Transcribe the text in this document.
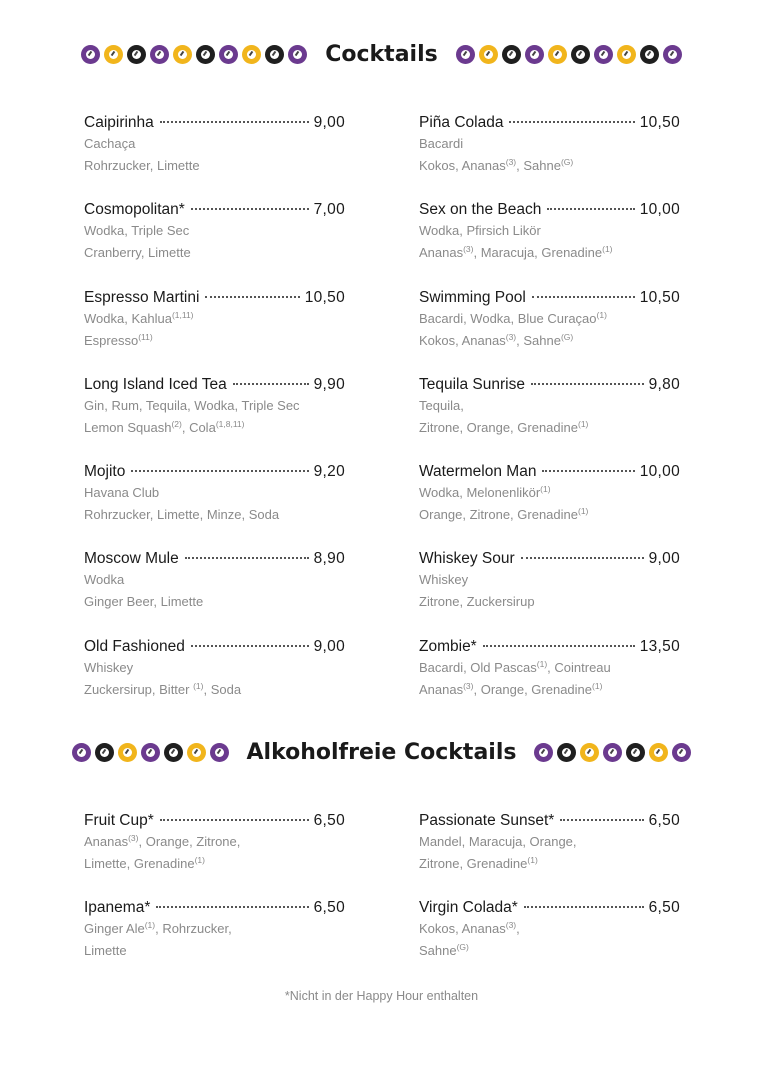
Cocktails
Caipirinha	9,00
Cachaça
Rohrzucker, Limette
Piña Colada	10,50
Bacardi
Kokos, Ananas$^{(3)}$, Sahne$^{(G)}$
Cosmopolitan*	7,00
Wodka, Triple Sec
Cranberry, Limette
Sex on the Beach	10,00
Wodka, Pfirsich Likör
Ananas$^{(3)}$, Maracuja, Grenadine$^{(1)}$
Espresso Martini	10,50
Wodka, Kahlua$^{(1,11)}$
Espresso$^{(11)}$
Swimming Pool	10,50
Bacardi, Wodka, Blue Curaçao$^{(1)}$
Kokos, Ananas$^{(3)}$, Sahne$^{(G)}$
Long Island Iced Tea	9,90
Gin, Rum, Tequila, Wodka, Triple Sec
Lemon Squash$^{(2)}$, Cola$^{(1,8,11)}$
Tequila Sunrise	9,80
Tequila,
Zitrone, Orange, Grenadine$^{(1)}$
Mojito	9,20
Havana Club
Rohrzucker, Limette, Minze, Soda
Watermelon Man	10,00
Wodka, Melonenlikör$^{(1)}$
Orange, Zitrone, Grenadine$^{(1)}$
Moscow Mule	8,90
Wodka
Ginger Beer, Limette
Whiskey Sour	9,00
Whiskey
Zitrone, Zuckersirup
Old Fashioned	9,00
Whiskey
Zuckersirup, Bitter $^{(1)}$, Soda
Zombie*	13,50
Bacardi, Old Pascas$^{(1)}$, Cointreau
Ananas$^{(3)}$, Orange, Grenadine$^{(1)}$
Alkoholfreie Cocktails
Fruit Cup*	6,50
Ananas$^{(3)}$, Orange, Zitrone,
Limette, Grenadine$^{(1)}$
Passionate Sunset*	6,50
Mandel, Maracuja, Orange,
Zitrone, Grenadine$^{(1)}$
Ipanema*	6,50
Ginger Ale$^{(1)}$, Rohrzucker,
Limette
Virgin Colada*	6,50
Kokos, Ananas$^{(3)}$,
Sahne$^{(G)}$
*Nicht in der Happy Hour enthalten
